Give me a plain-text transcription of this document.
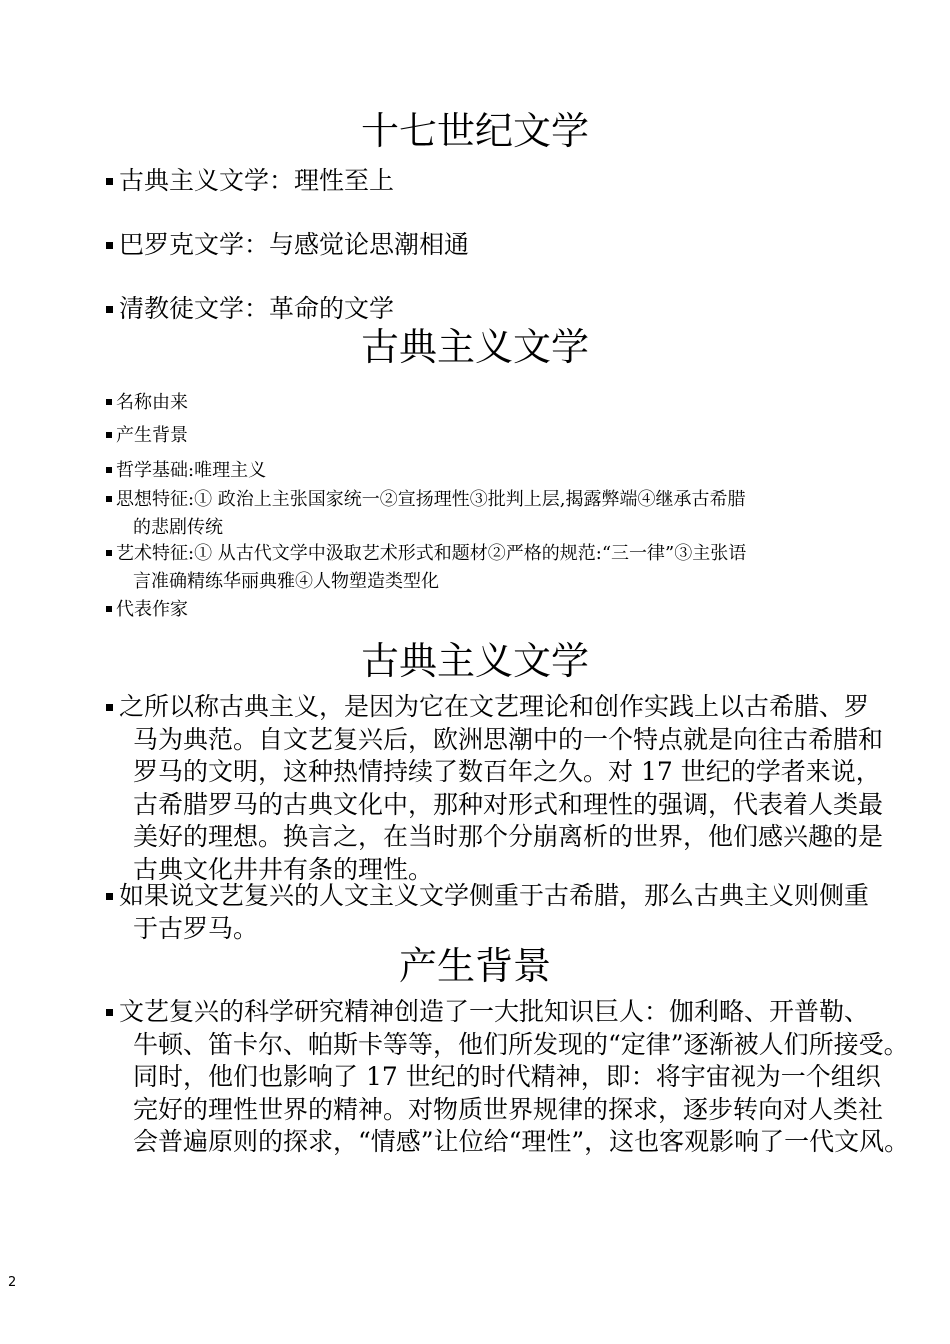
十七世纪文学
古典主义文学：理性至上
巴罗克文学：与感觉论思潮相通
清教徒文学：革命的文学
古典主义文学
名称由来
产生背景
哲学基础:唯理主义
思想特征:① 政治上主张国家统一②宣扬理性③批判上层,揭露弊端④继承古希腊
的悲剧传统
艺术特征:① 从古代文学中汲取艺术形式和题材②严格的规范:“三一律”③主张语
言准确精练华丽典雅④人物塑造类型化
代表作家
古典主义文学
之所以称古典主义，是因为它在文艺理论和创作实践上以古希腊、罗
马为典范。自文艺复兴后，欧洲思潮中的一个特点就是向往古希腊和
罗马的文明，这种热情持续了数百年之久。对 17 世纪的学者来说，
古希腊罗马的古典文化中，那种对形式和理性的强调，代表着人类最
美好的理想。换言之，在当时那个分崩离析的世界，他们感兴趣的是
古典文化井井有条的理性。
如果说文艺复兴的人文主义文学侧重于古希腊，那么古典主义则侧重
于古罗马。
产生背景
文艺复兴的科学研究精神创造了一大批知识巨人：伽利略、开普勒、
牛顿、笛卡尔、帕斯卡等等，他们所发现的“定律”逐渐被人们所接受。
同时，他们也影响了 17 世纪的时代精神，即：将宇宙视为一个组织
完好的理性世界的精神。对物质世界规律的探求，逐步转向对人类社
会普遍原则的探求，“情感”让位给“理性”，这也客观影响了一代文风。
2
